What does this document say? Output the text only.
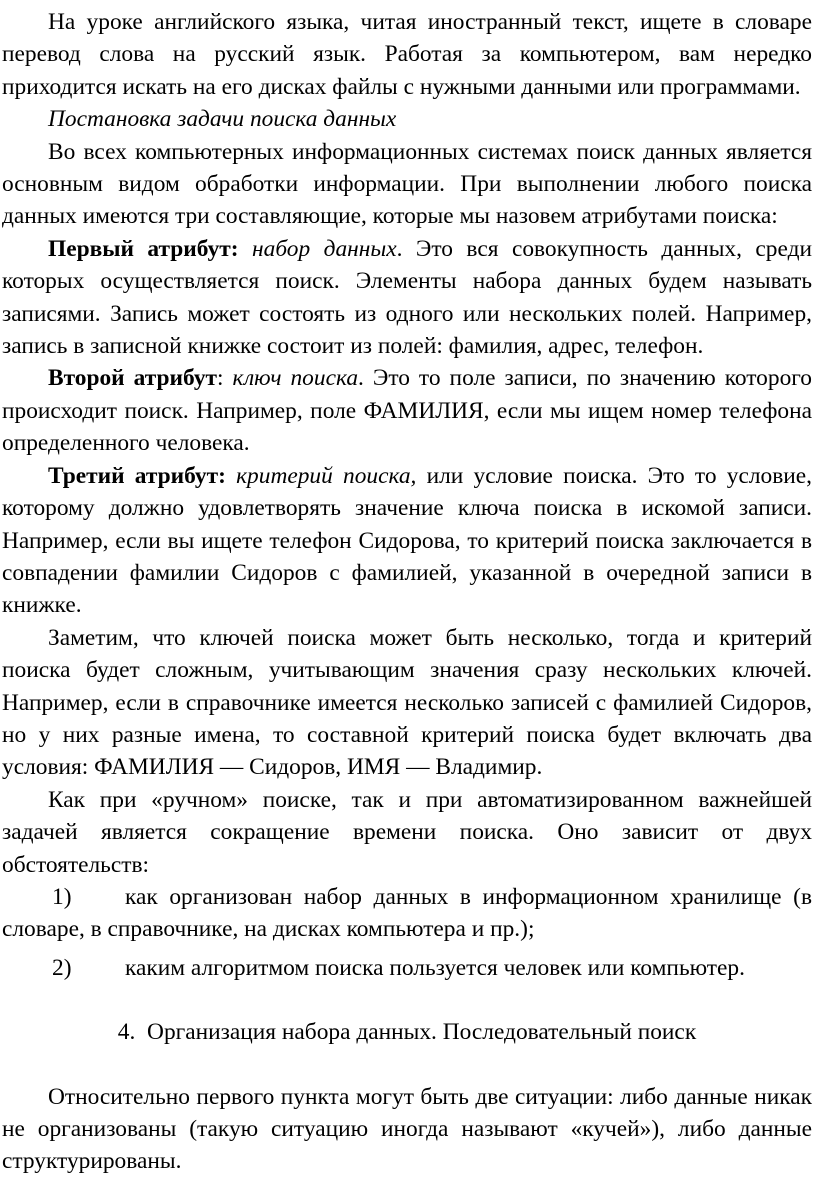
На уроке английского языка, читая иностранный текст, ищете в словаре перевод слова на русский язык. Работая за компьютером, вам нередко приходится искать на его дисках файлы с нужными данными или программами.

Постановка задачи поиска данных

Во всех компьютерных информационных системах поиск данных является основным видом обработки информации. При выполнении любого поиска данных имеются три составляющие, которые мы назовем атрибутами поиска:

Первый атрибут: набор данных. Это вся совокупность данных, среди которых осуществляется поиск. Элементы набора данных будем называть записями. Запись может состоять из одного или нескольких полей. Например, запись в записной книжке состоит из полей: фамилия, адрес, телефон.

Второй атрибут: ключ поиска. Это то поле записи, по значению которого происходит поиск. Например, поле ФАМИЛИЯ, если мы ищем номер телефона определенного человека.

Третий атрибут: критерий поиска, или условие поиска. Это то условие, которому должно удовлетворять значение ключа поиска в искомой записи. Например, если вы ищете телефон Сидорова, то критерий поиска заключается в совпадении фамилии Сидоров с фамилией, указанной в очередной записи в книжке.

Заметим, что ключей поиска может быть несколько, тогда и критерий поиска будет сложным, учитывающим значения сразу нескольких ключей. Например, если в справочнике имеется несколько записей с фамилией Сидоров, но у них разные имена, то составной критерий поиска будет включать два условия: ФАМИЛИЯ — Сидоров, ИМЯ — Владимир.

Как при «ручном» поиске, так и при автоматизированном важнейшей задачей является сокращение времени поиска. Оно зависит от двух обстоятельств:

1) как организован набор данных в информационном хранилище (в словаре, в справочнике, на дисках компьютера и пр.);

2) каким алгоритмом поиска пользуется человек или компьютер.

4. Организация набора данных. Последовательный поиск

Относительно первого пункта могут быть две ситуации: либо данные никак не организованы (такую ситуацию иногда называют «кучей»), либо данные структурированы.
